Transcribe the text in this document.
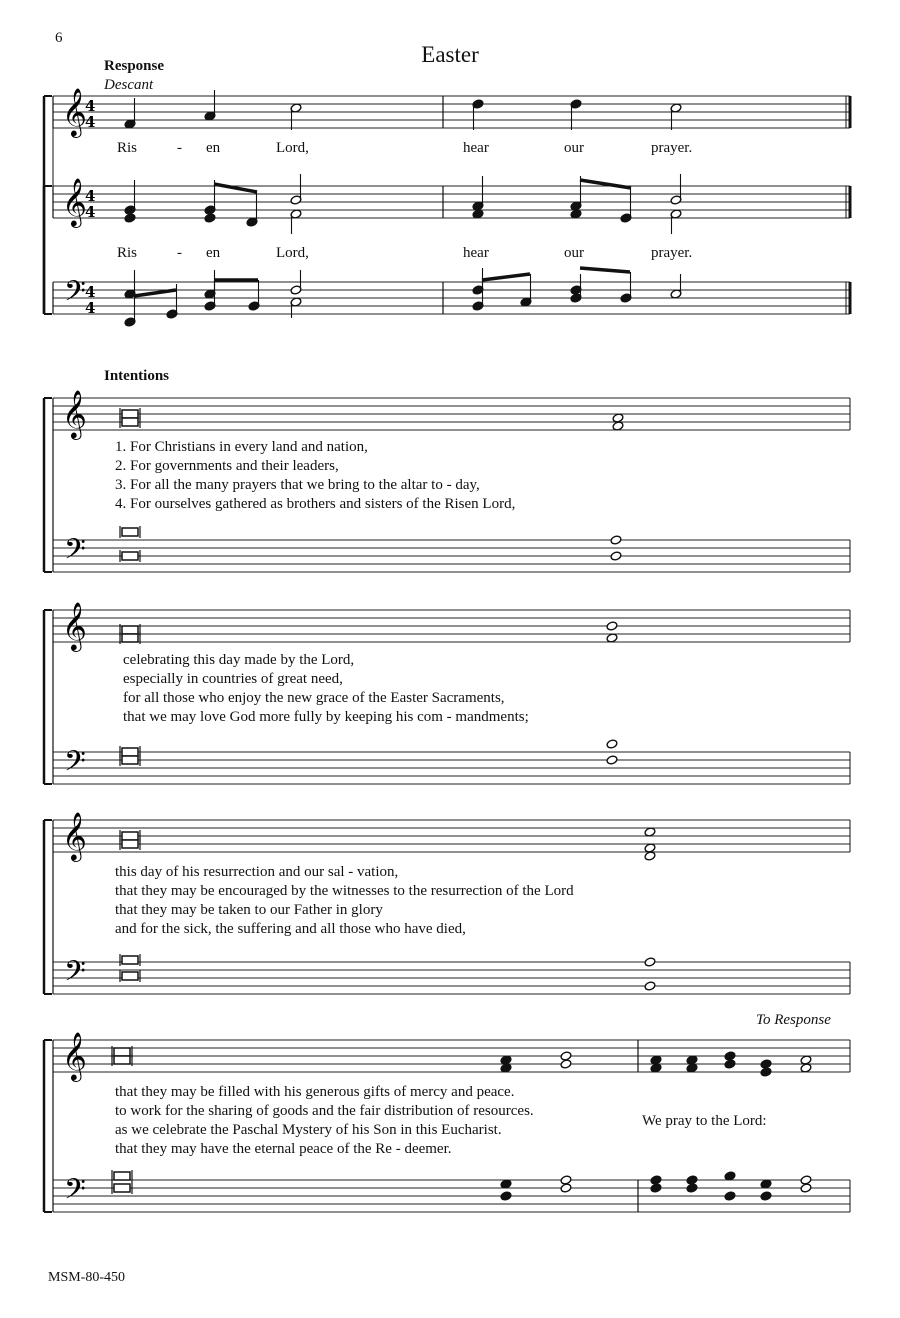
6
Easter
Response
Descant
𝄞
4
4
𝄞
4
4
𝄢 4
4
𝄞
𝄢
𝄞
𝄢
𝄞
𝄢
𝄞
𝄢
Ris	- en	Lord,	hear	our	prayer.
Ris	- en	Lord,	hear	our	prayer.
Intentions
1. For Christians in every land and nation,
2. For governments and their leaders,
3. For all the many prayers that we bring to the altar to - day,
4. For ourselves gathered as brothers and sisters of the Risen Lord,
celebrating this day made by the Lord,
especially in countries of great need,
for all those who enjoy the new grace of the Easter Sacraments,
that we may love God more fully by keeping his com - mandments;
this day of his resurrection and our sal - vation,
that they may be encouraged by the witnesses to the resurrection of the Lord
that they may be taken to our Father in glory
and for the sick, the suffering and all those who have died,
To Response
that they may be filled with his generous gifts of mercy and peace.
to work for the sharing of goods and the fair distribution of resources.
as we celebrate the Paschal Mystery of his Son in this Eucharist.
that they may have the eternal peace of the Re - deemer.
We pray to the Lord:
MSM-80-450
